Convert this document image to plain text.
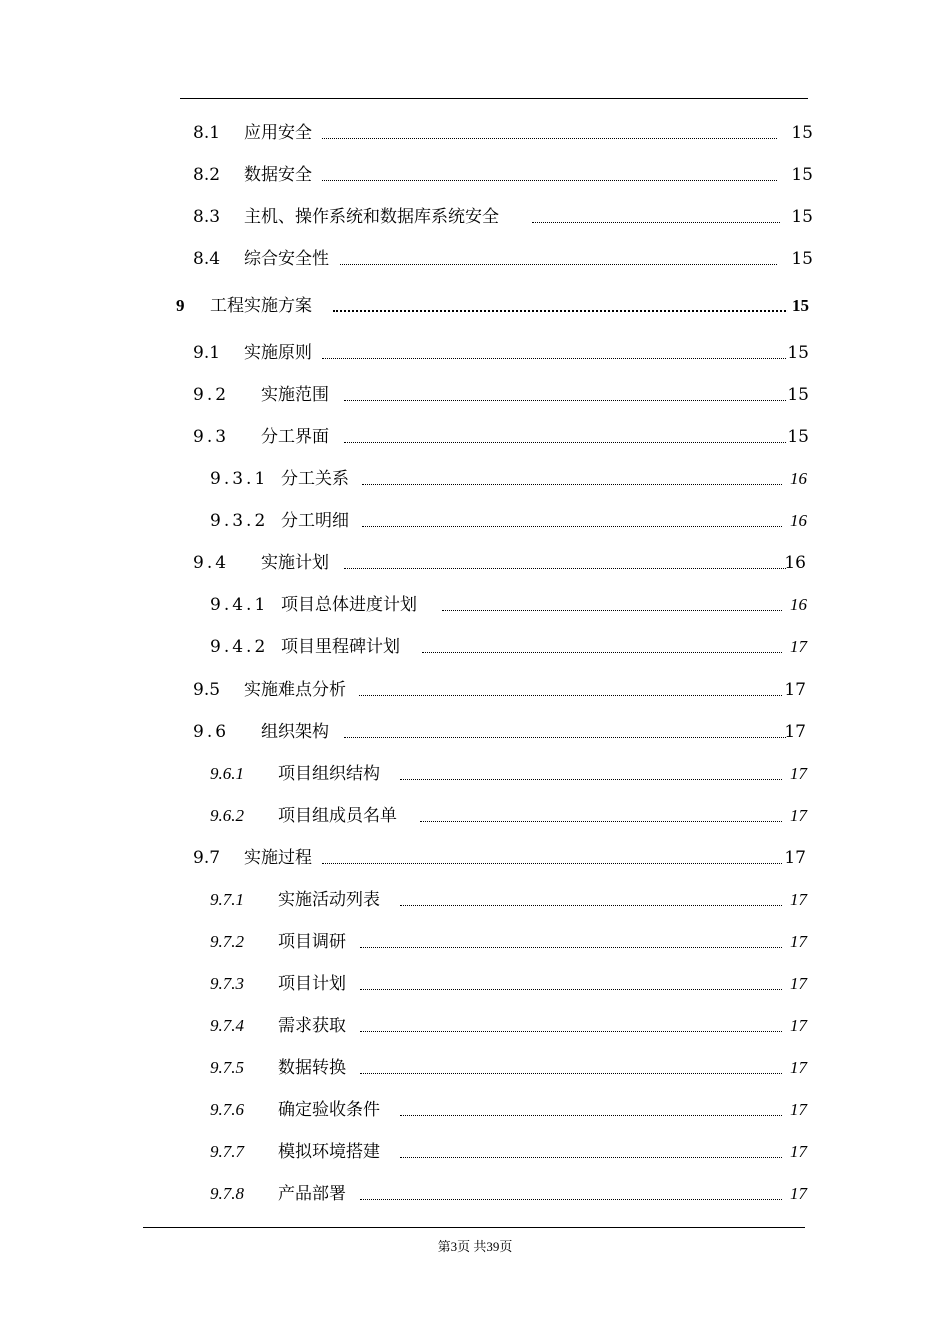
8.1 应用安全	15
8.2 数据安全	15
8.3 主机、操作系统和数据库系统安全	15
8.4 综合安全性	15
9 工程实施方案	15
9.1 实施原则	15
9.2 实施范围	15
9.3 分工界面	15
9.3.1 分工关系	16
9.3.2 分工明细	16
9.4 实施计划	16
9.4.1 项目总体进度计划	16
9.4.2 项目里程碑计划	17
9.5 实施难点分析	17
9.6 组织架构	17
9.6.1 项目组织结构	17
9.6.2 项目组成员名单	17
9.7 实施过程	17
9.7.1 实施活动列表	17
9.7.2 项目调研	17
9.7.3 项目计划	17
9.7.4 需求获取	17
9.7.5 数据转换	17
9.7.6 确定验收条件	17
9.7.7 模拟环境搭建	17
9.7.8 产品部署	17
第3页 共39页
